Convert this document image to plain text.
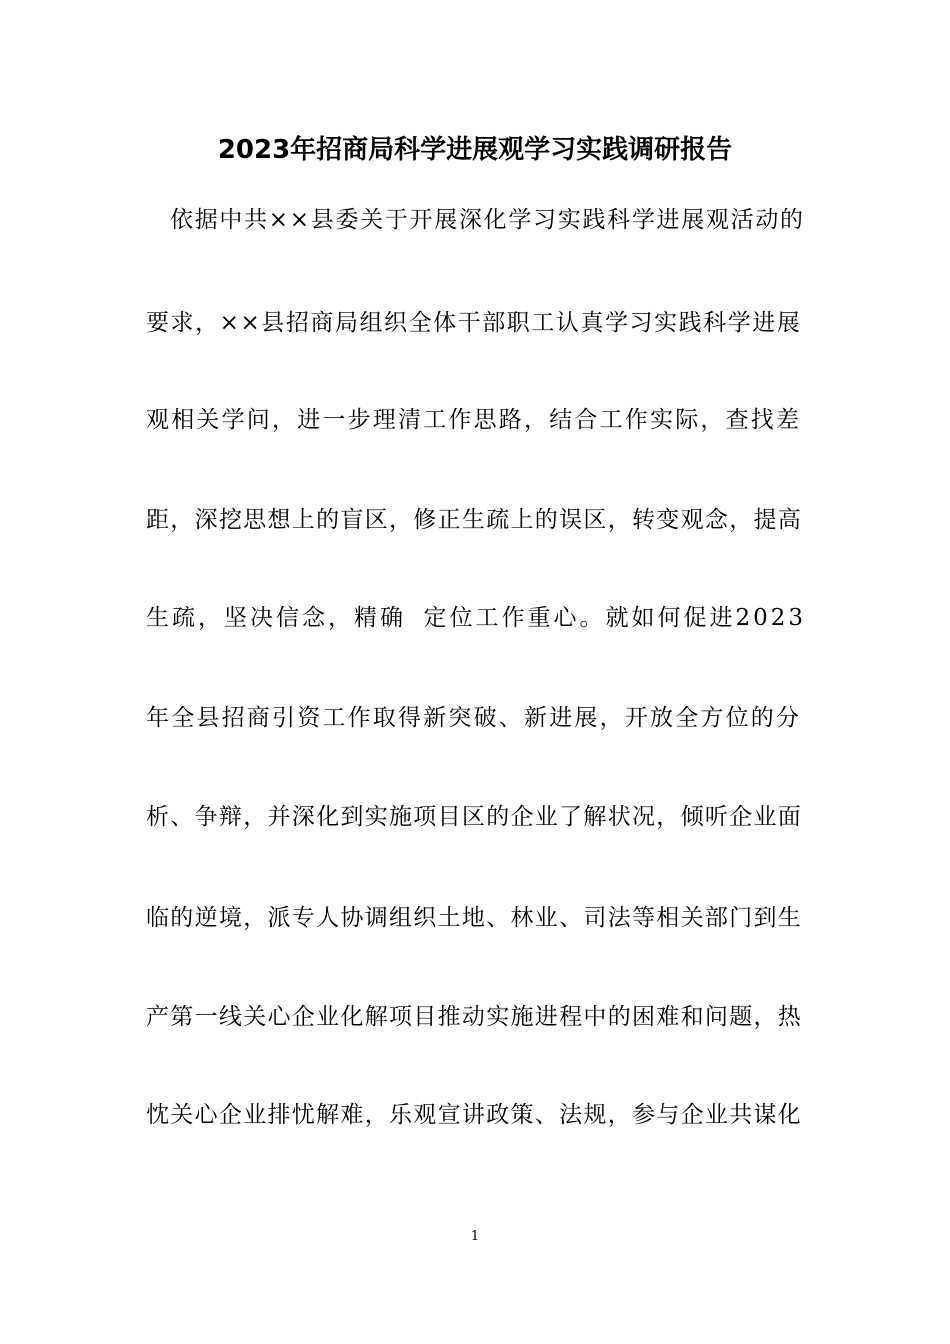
2023年招商局科学进展观学习实践调研报告
依据中共××县委关于开展深化学习实践科学进展观活动的
要求，××县招商局组织全体干部职工认真学习实践科学进展
观相关学问，进一步理清工作思路，结合工作实际，查找差
距，深挖思想上的盲区，修正生疏上的误区，转变观念，提高
生疏，坚决信念，精确 定位工作重心。就如何促进2023
年全县招商引资工作取得新突破、新进展，开放全方位的分
析、争辩，并深化到实施项目区的企业了解状况，倾听企业面
临的逆境，派专人协调组织土地、林业、司法等相关部门到生
产第一线关心企业化解项目推动实施进程中的困难和问题，热
忱关心企业排忧解难，乐观宣讲政策、法规，参与企业共谋化
1
